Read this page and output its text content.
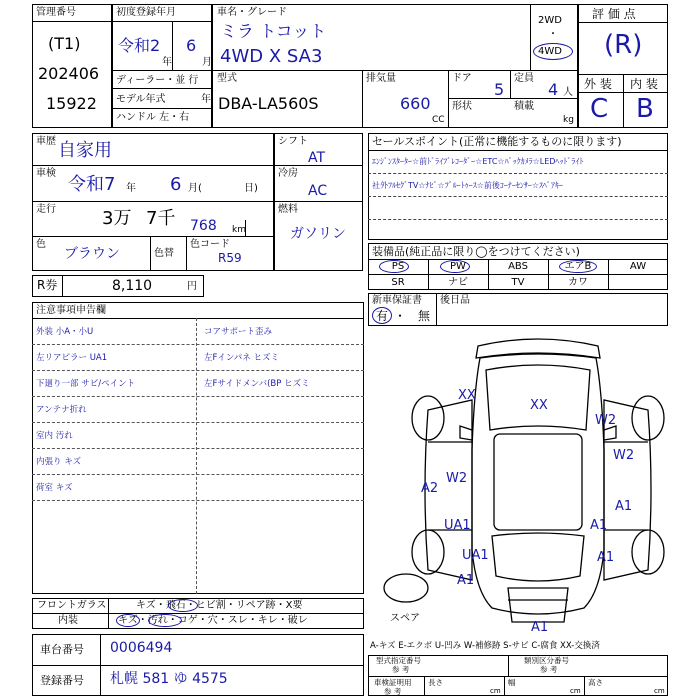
管理番号
(T1)
202406
15922
初度登録年月
令和2 6
年	月
ディーラー・並 行
モデル年式	年
ハンドル 左・右
車名・グレード
ミラ トコット
4WD X SA3
2WD
・
4WD
型式
DBA-LA560S
排気量
660
CC
ドア
5
定員
4 人
形状	積載
kg
評 価 点
(R)
外 装 内 装
C B
車歴 自家用
車検
令和7 年 6 月(	日)
走行	3万 7千 768 km
色
ブラウン	色替
色コード
R59
シフト
AT
冷房
AC
燃料
ガソリン
R券	8,110	円
セールスポイント(正常に機能するものに限ります)
ｴﾝｼﾞﾝｽﾀｰﾀｰ☆前ﾄﾞﾗｲﾌﾞﾚｺｰﾀﾞｰ☆ETC☆ﾊﾞｯｸｶﾒﾗ☆LEDﾍｯﾄﾞﾗｲﾄ
社外ﾌﾙｾｸﾞTV☆ﾅﾋﾞ☆ﾌﾞﾙｰﾄｩｰｽ☆前後ｺｰﾅｰｾﾝｻｰ☆ｽﾍﾟｱｷｰ
装備品(純正品に限り◯をつけてください)
PS	PW	ABS	エアB	AW
SR	ナビ	TV	カワ
新車保証書 後日品
有 ・ 無
注意事項申告欄
外装 小A・小U	コアサポート歪み
左リアピラー UA1	左Fインパネ ヒズミ
下廻り一部 サビ/ペイント	左Fサイドメンバ(BP ヒズミ
アンテナ折れ
室内 汚れ
内張り キズ
荷室 キズ
フロントガラス
内装
キズ・飛石・ヒビ割・リペア跡・X要
キズ・汚れ・コゲ・穴・スレ・キレ・破レ
車台番号 0006494
登録番号 札幌 581 ゆ 4575
スペア
XX
XX
W2
W2
W2
A2
A1
UA1	A1
UA1	A1
A1
A1
A-キズ E-エクボ U-凹み W-補修跡 S-サビ C-腐食 XX-交換済
型式指定番号
参 考
類別区分番号
参 考
車検証明用
参 考
長さ
cm
幅
cm
高さ
cm
